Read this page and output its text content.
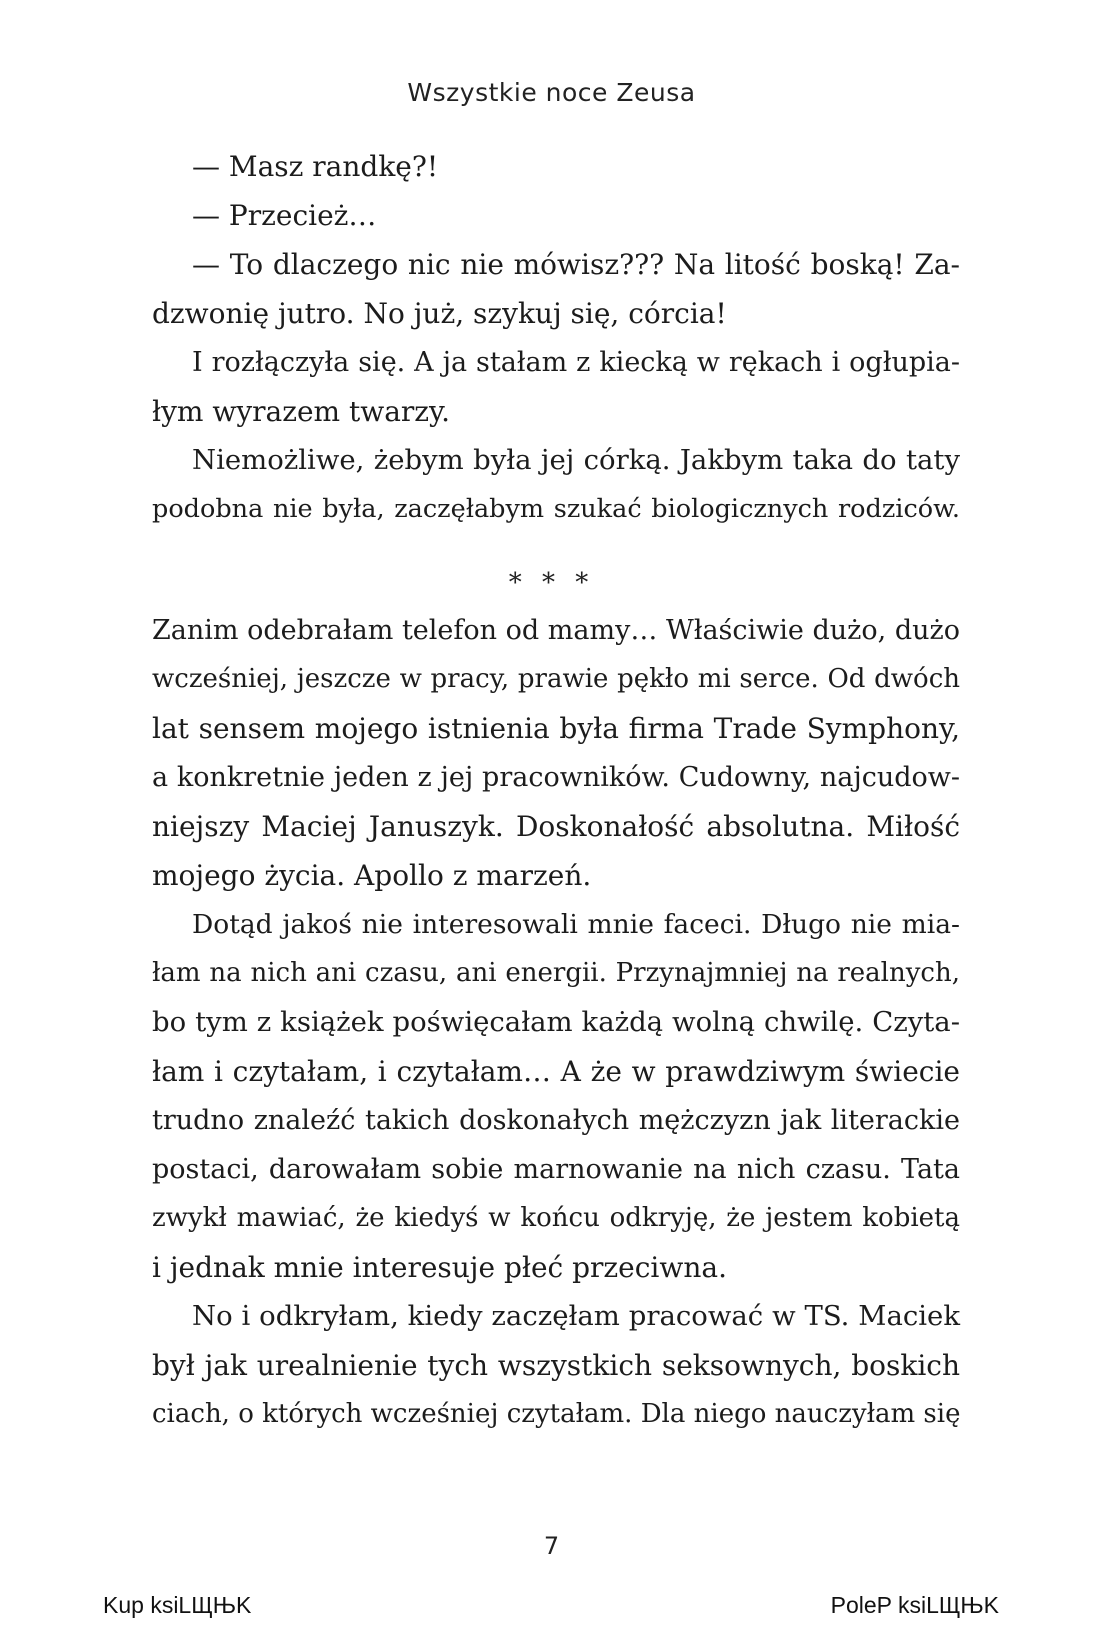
Wszystkie noce Zeusa
— Masz randkę?!
— Przecież…
— To dlaczego nic nie mówisz??? Na litość boską! Za-
dzwonię jutro. No już, szykuj się, córcia!
I rozłączyła się. A ja stałam z kiecką w rękach i ogłupia-
łym wyrazem twarzy.
Niemożliwe, żebym była jej córką. Jakbym taka do taty
podobna nie była, zaczęłabym szukać biologicznych rodziców.
* * *
Zanim odebrałam telefon od mamy… Właściwie dużo, dużo
wcześniej, jeszcze w pracy, prawie pękło mi serce. Od dwóch
lat sensem mojego istnienia była firma Trade Symphony,
a konkretnie jeden z jej pracowników. Cudowny, najcudow-
niejszy Maciej Januszyk. Doskonałość absolutna. Miłość
mojego życia. Apollo z marzeń.
Dotąd jakoś nie interesowali mnie faceci. Długo nie mia-
łam na nich ani czasu, ani energii. Przynajmniej na realnych,
bo tym z książek poświęcałam każdą wolną chwilę. Czyta-
łam i czytałam, i czytałam… A że w prawdziwym świecie
trudno znaleźć takich doskonałych mężczyzn jak literackie
postaci, darowałam sobie marnowanie na nich czasu. Tata
zwykł mawiać, że kiedyś w końcu odkryję, że jestem kobietą
i jednak mnie interesuje płeć przeciwna.
No i odkryłam, kiedy zaczęłam pracować w TS. Maciek
był jak urealnienie tych wszystkich seksownych, boskich
ciach, o których wcześniej czytałam. Dla niego nauczyłam się
7
Kup ksiLЩЊK	PoleP ksiLЩЊK
